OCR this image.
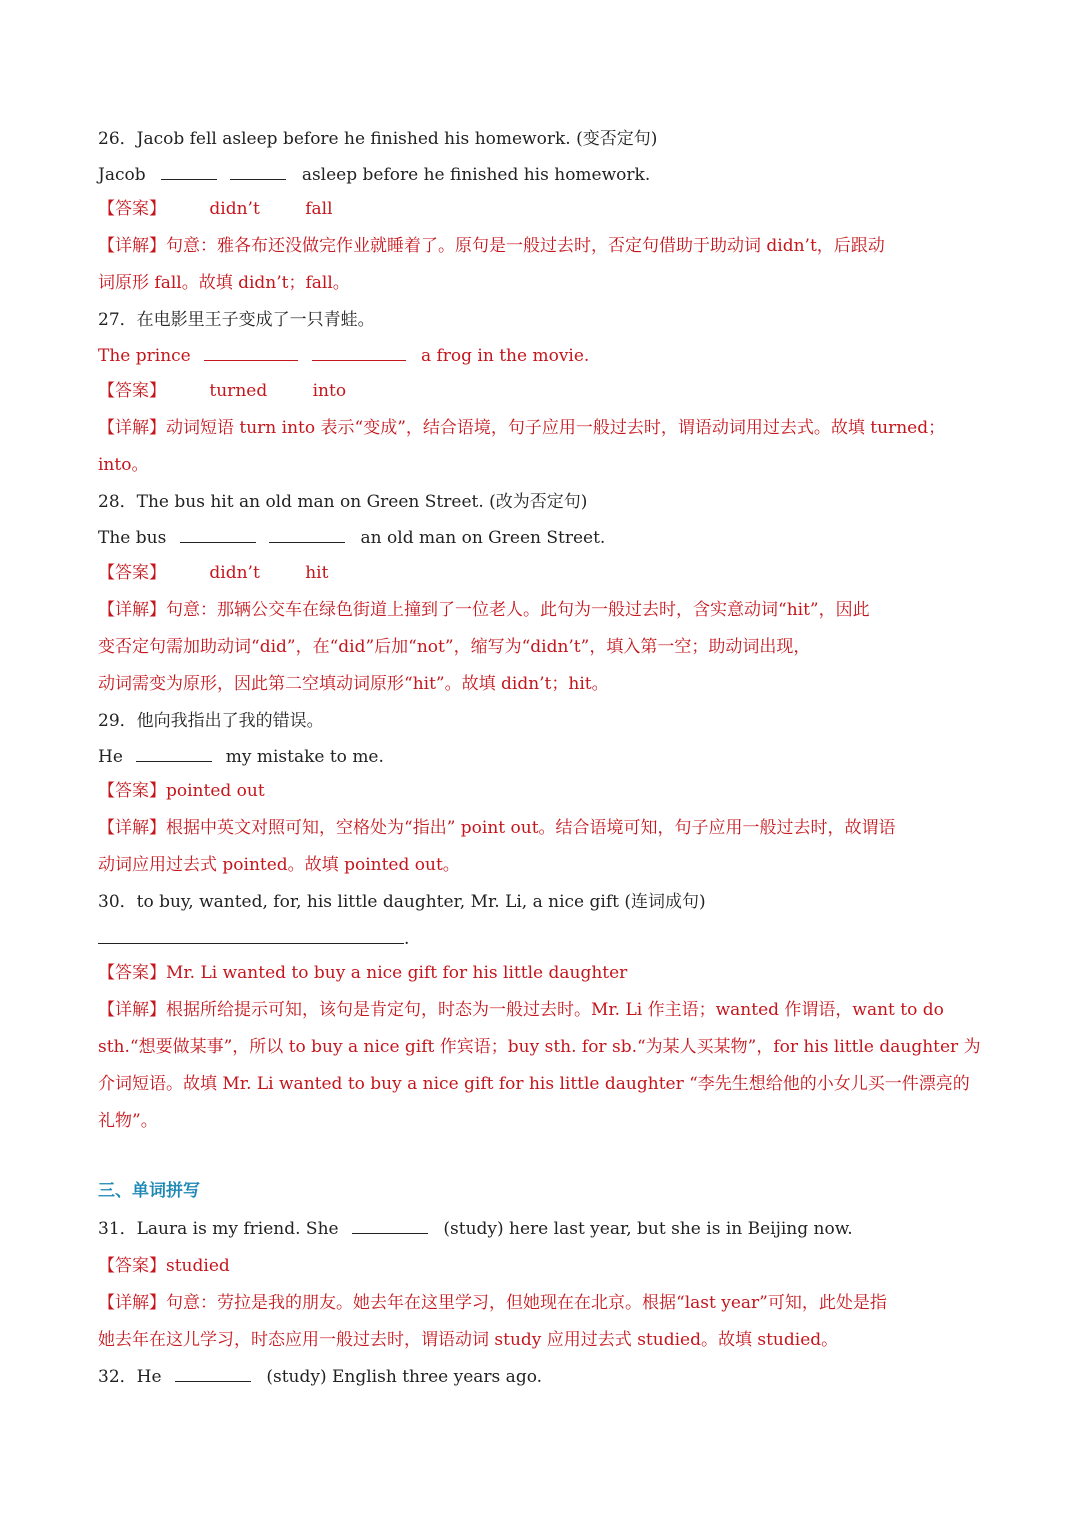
26．Jacob fell asleep before he finished his homework. (变否定句)
Jacob	asleep before he finished his homework.
【答案】	didn’t	fall
【详解】句意：雅各布还没做完作业就睡着了。原句是一般过去时，否定句借助于助动词 didn’t，后跟动
词原形 fall。故填 didn’t；fall。
27．在电影里王子变成了一只青蛙。
The prince	a frog in the movie.
【答案】	turned	into
【详解】动词短语 turn into 表示“变成”，结合语境，句子应用一般过去时，谓语动词用过去式。故填 turned；
into。
28．The bus hit an old man on Green Street. (改为否定句)
The bus	an old man on Green Street.
【答案】	didn’t	hit
【详解】句意：那辆公交车在绿色街道上撞到了一位老人。此句为一般过去时，含实意动词“hit”，因此
变否定句需加助动词“did”，在“did”后加“not”，缩写为“didn’t”，填入第一空；助动词出现，
动词需变为原形，因此第二空填动词原形“hit”。故填 didn’t；hit。
29．他向我指出了我的错误。
He	my mistake to me.
【答案】pointed out
【详解】根据中英文对照可知，空格处为“指出” point out。结合语境可知，句子应用一般过去时，故谓语
动词应用过去式 pointed。故填 pointed out。
30．to buy, wanted, for, his little daughter, Mr. Li, a nice gift (连词成句)
.
【答案】Mr. Li wanted to buy a nice gift for his little daughter
【详解】根据所给提示可知，该句是肯定句，时态为一般过去时。Mr. Li 作主语；wanted 作谓语，want to do
sth.“想要做某事”，所以 to buy a nice gift 作宾语；buy sth. for sb.“为某人买某物”，for his little daughter 为
介词短语。故填 Mr. Li wanted to buy a nice gift for his little daughter “李先生想给他的小女儿买一件漂亮的
礼物”。
三、单词拼写
31．Laura is my friend. She	(study) here last year, but she is in Beijing now.
【答案】studied
【详解】句意：劳拉是我的朋友。她去年在这里学习，但她现在在北京。根据“last year”可知，此处是指
她去年在这儿学习，时态应用一般过去时，谓语动词 study 应用过去式 studied。故填 studied。
32．He	(study) English three years ago.
